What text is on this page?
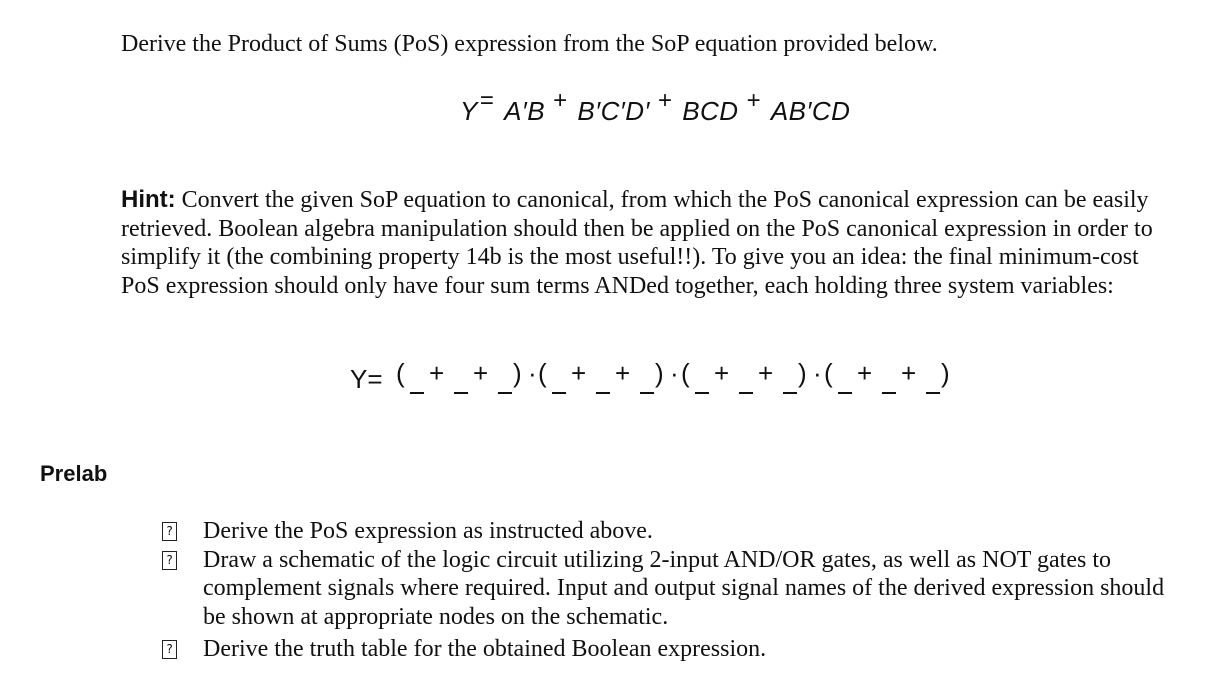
Derive the Product of Sums (PoS) expression from the SoP equation provided below.
Y= A′B + B′C′D′ + BCD + AB′CD
Hint: Convert the given SoP equation to canonical, from which the PoS canonical expression can be easily retrieved. Boolean algebra manipulation should then be applied on the PoS canonical expression in order to simplify it (the combining property 14b is the most useful!!). To give you an idea: the final minimum-cost PoS expression should only have four sum terms ANDed together, each holding three system variables:
Y= ( + + ) · ( + + ) · ( + + ) · ( + + )
Prelab
? Derive the PoS expression as instructed above.
? Draw a schematic of the logic circuit utilizing 2-input AND/OR gates, as well as NOT gates to complement signals where required. Input and output signal names of the derived expression should be shown at appropriate nodes on the schematic.
? Derive the truth table for the obtained Boolean expression.
